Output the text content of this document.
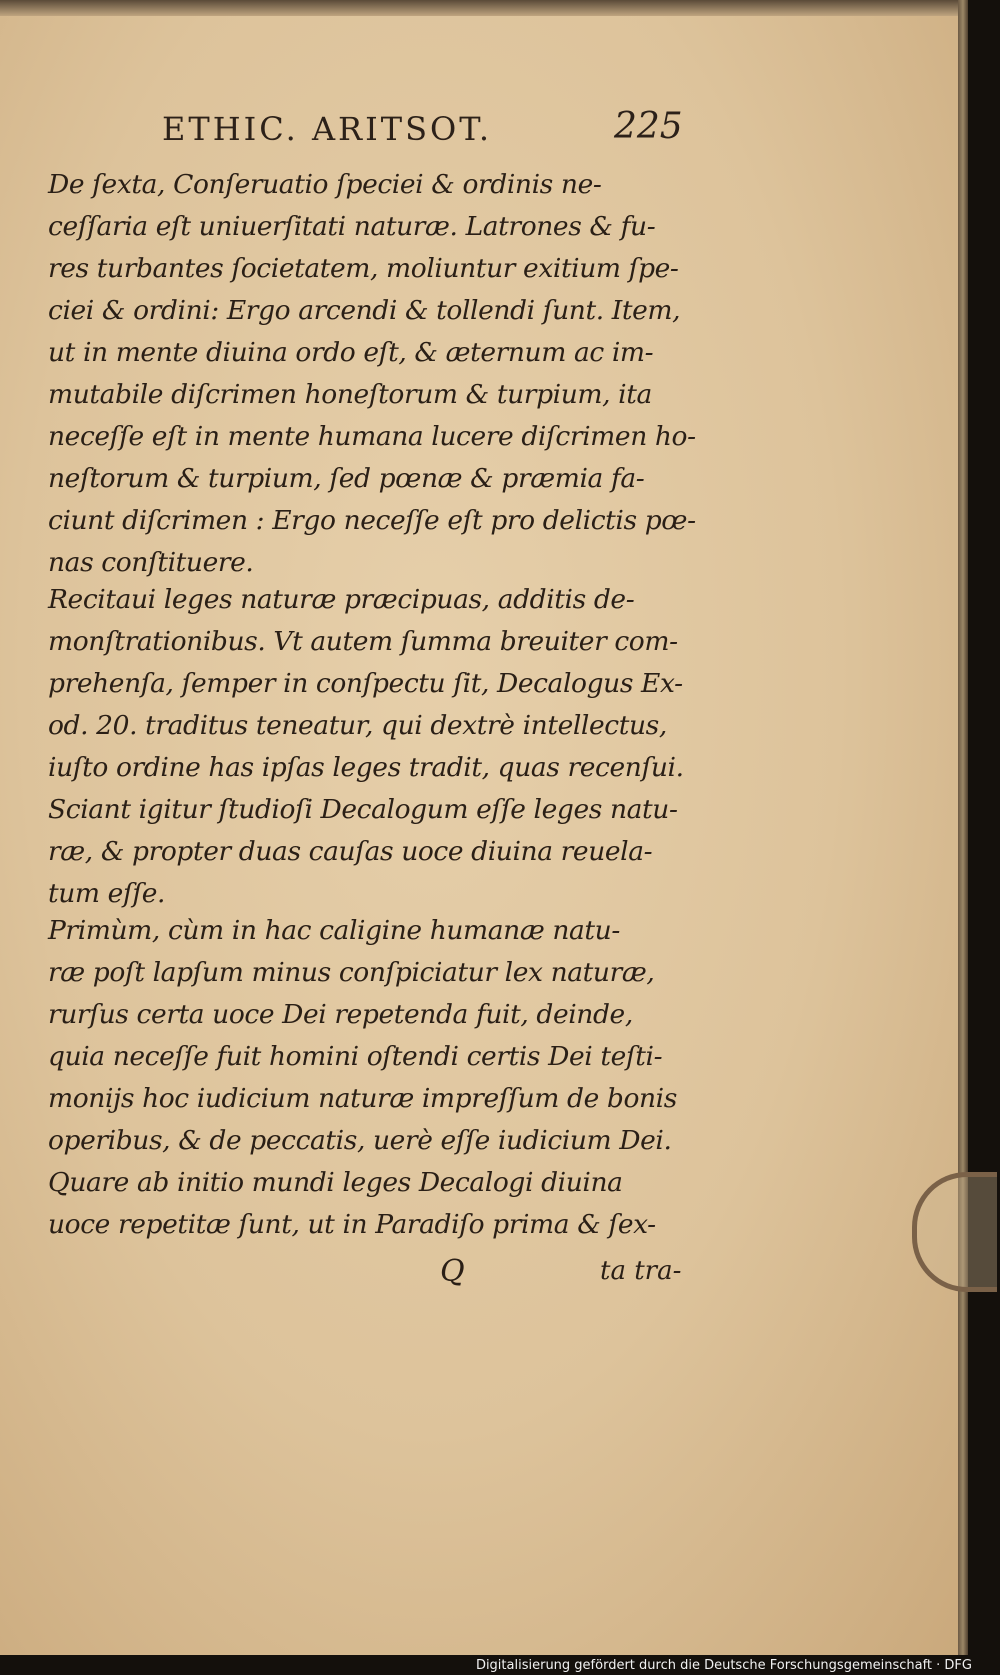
ETHIC. ARITSOT.	225

De ſexta, Conſeruatio ſpeciei & ordinis ne-
ceſſaria eſt uniuerſitati naturæ. Latrones & fu-
res turbantes ſocietatem, moliuntur exitium ſpe-
ciei & ordini: Ergo arcendi & tollendi ſunt. Item,
ut in mente diuina ordo eſt, & æternum ac im-
mutabile diſcrimen honeſtorum & turpium, ita
neceſſe eſt in mente humana lucere diſcrimen ho-
neſtorum & turpium, ſed pœnæ & præmia fa-
ciunt diſcrimen : Ergo neceſſe eſt pro delictis pœ-
nas conſtituere.

Recitaui leges naturæ præcipuas, additis de-
monſtrationibus. Vt autem ſumma breuiter com-
prehenſa, ſemper in conſpectu ſit, Decalogus Ex-
od. 20. traditus teneatur, qui dextrè intellectus,
iuſto ordine has ipſas leges tradit, quas recenſui.
Sciant igitur ſtudioſi Decalogum eſſe leges natu-
ræ, & propter duas cauſas uoce diuina reuela-
tum eſſe.

Primùm, cùm in hac caligine humanæ natu-
ræ poſt lapſum minus conſpiciatur lex naturæ,
rurſus certa uoce Dei repetenda fuit, deinde,
quia neceſſe fuit homini oſtendi certis Dei teſti-
monijs hoc iudicium naturæ impreſſum de bonis
operibus, & de peccatis, uerè eſſe iudicium Dei.
Quare ab initio mundi leges Decalogi diuina
uoce repetitæ ſunt, ut in Paradiſo prima & ſex-

Q	ta tra-
Digitalisierung gefördert durch die Deutsche Forschungsgemeinschaft · DFG
